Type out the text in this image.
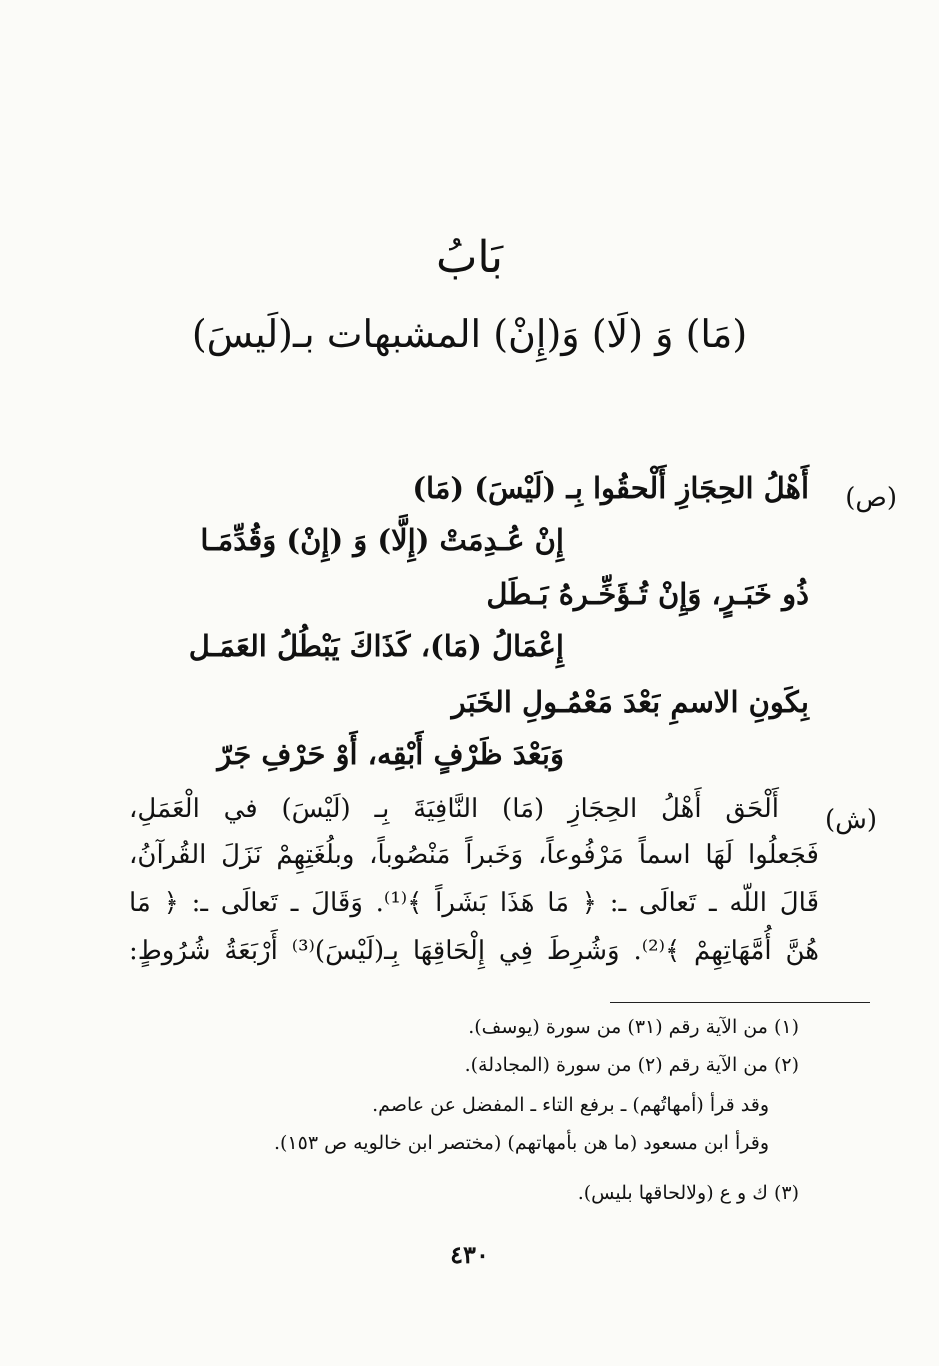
بَابُ
(مَا) وَ (لَا) وَ(إِنْ) المشبهات بـ(لَيسَ)
(ص)
أَهْلُ الحِجَازِ أَلْحقُوا بِـ (لَيْسَ) (مَا)
إِنْ عُـدِمَتْ (إِلَّا) وَ (إِنْ) وَقُدِّمَـا
ذُو خَبَـرٍ، وَإِنْ تُـؤَخِّـرهُ بَـطَل
إِعْمَالُ (مَا)، كَذَاكَ يَبْطُلُ العَمَـل
بِكَونِ الاسمِ بَعْدَ مَعْمُـولِ الخَبَر
وَبَعْدَ ظَرْفٍ أَبْقِه، أَوْ حَرْفِ جَرّ
(ش)
أَلْحَق أَهْلُ الحِجَازِ (مَا) النَّافِيَةَ بِـ (لَيْسَ) في الْعَمَلِ،
فَجَعلُوا لَهَا اسماً مَرْفُوعاً، وَخَبراً مَنْصُوباً، وبلُغَتِهِمْ نَزَلَ القُرآنُ،
قَالَ اللّه ـ تَعالَى ـ: ﴿ مَا هَذَا بَشَراً ﴾⁽¹⁾. وَقَالَ ـ تَعالَى ـ: ﴿ مَا
هُنَّ أُمَّهَاتِهِمْ ﴾⁽²⁾. وَشُرِطَ فِي إِلْحَاقِهَا بِـ(لَيْسَ)⁽³⁾ أَرْبَعَةُ شُرُوطٍ:
(١) من الآية رقم (٣١) من سورة (يوسف).
(٢) من الآية رقم (٢) من سورة (المجادلة).
وقد قرأ (أمهاتُهم) ـ برفع التاء ـ المفضل عن عاصم.
وقرأ ابن مسعود (ما هن بأمهاتهم) (مختصر ابن خالويه ص ١٥٣).
(٣) ك و ع (ولالحاقها بليس).
٤٣٠
